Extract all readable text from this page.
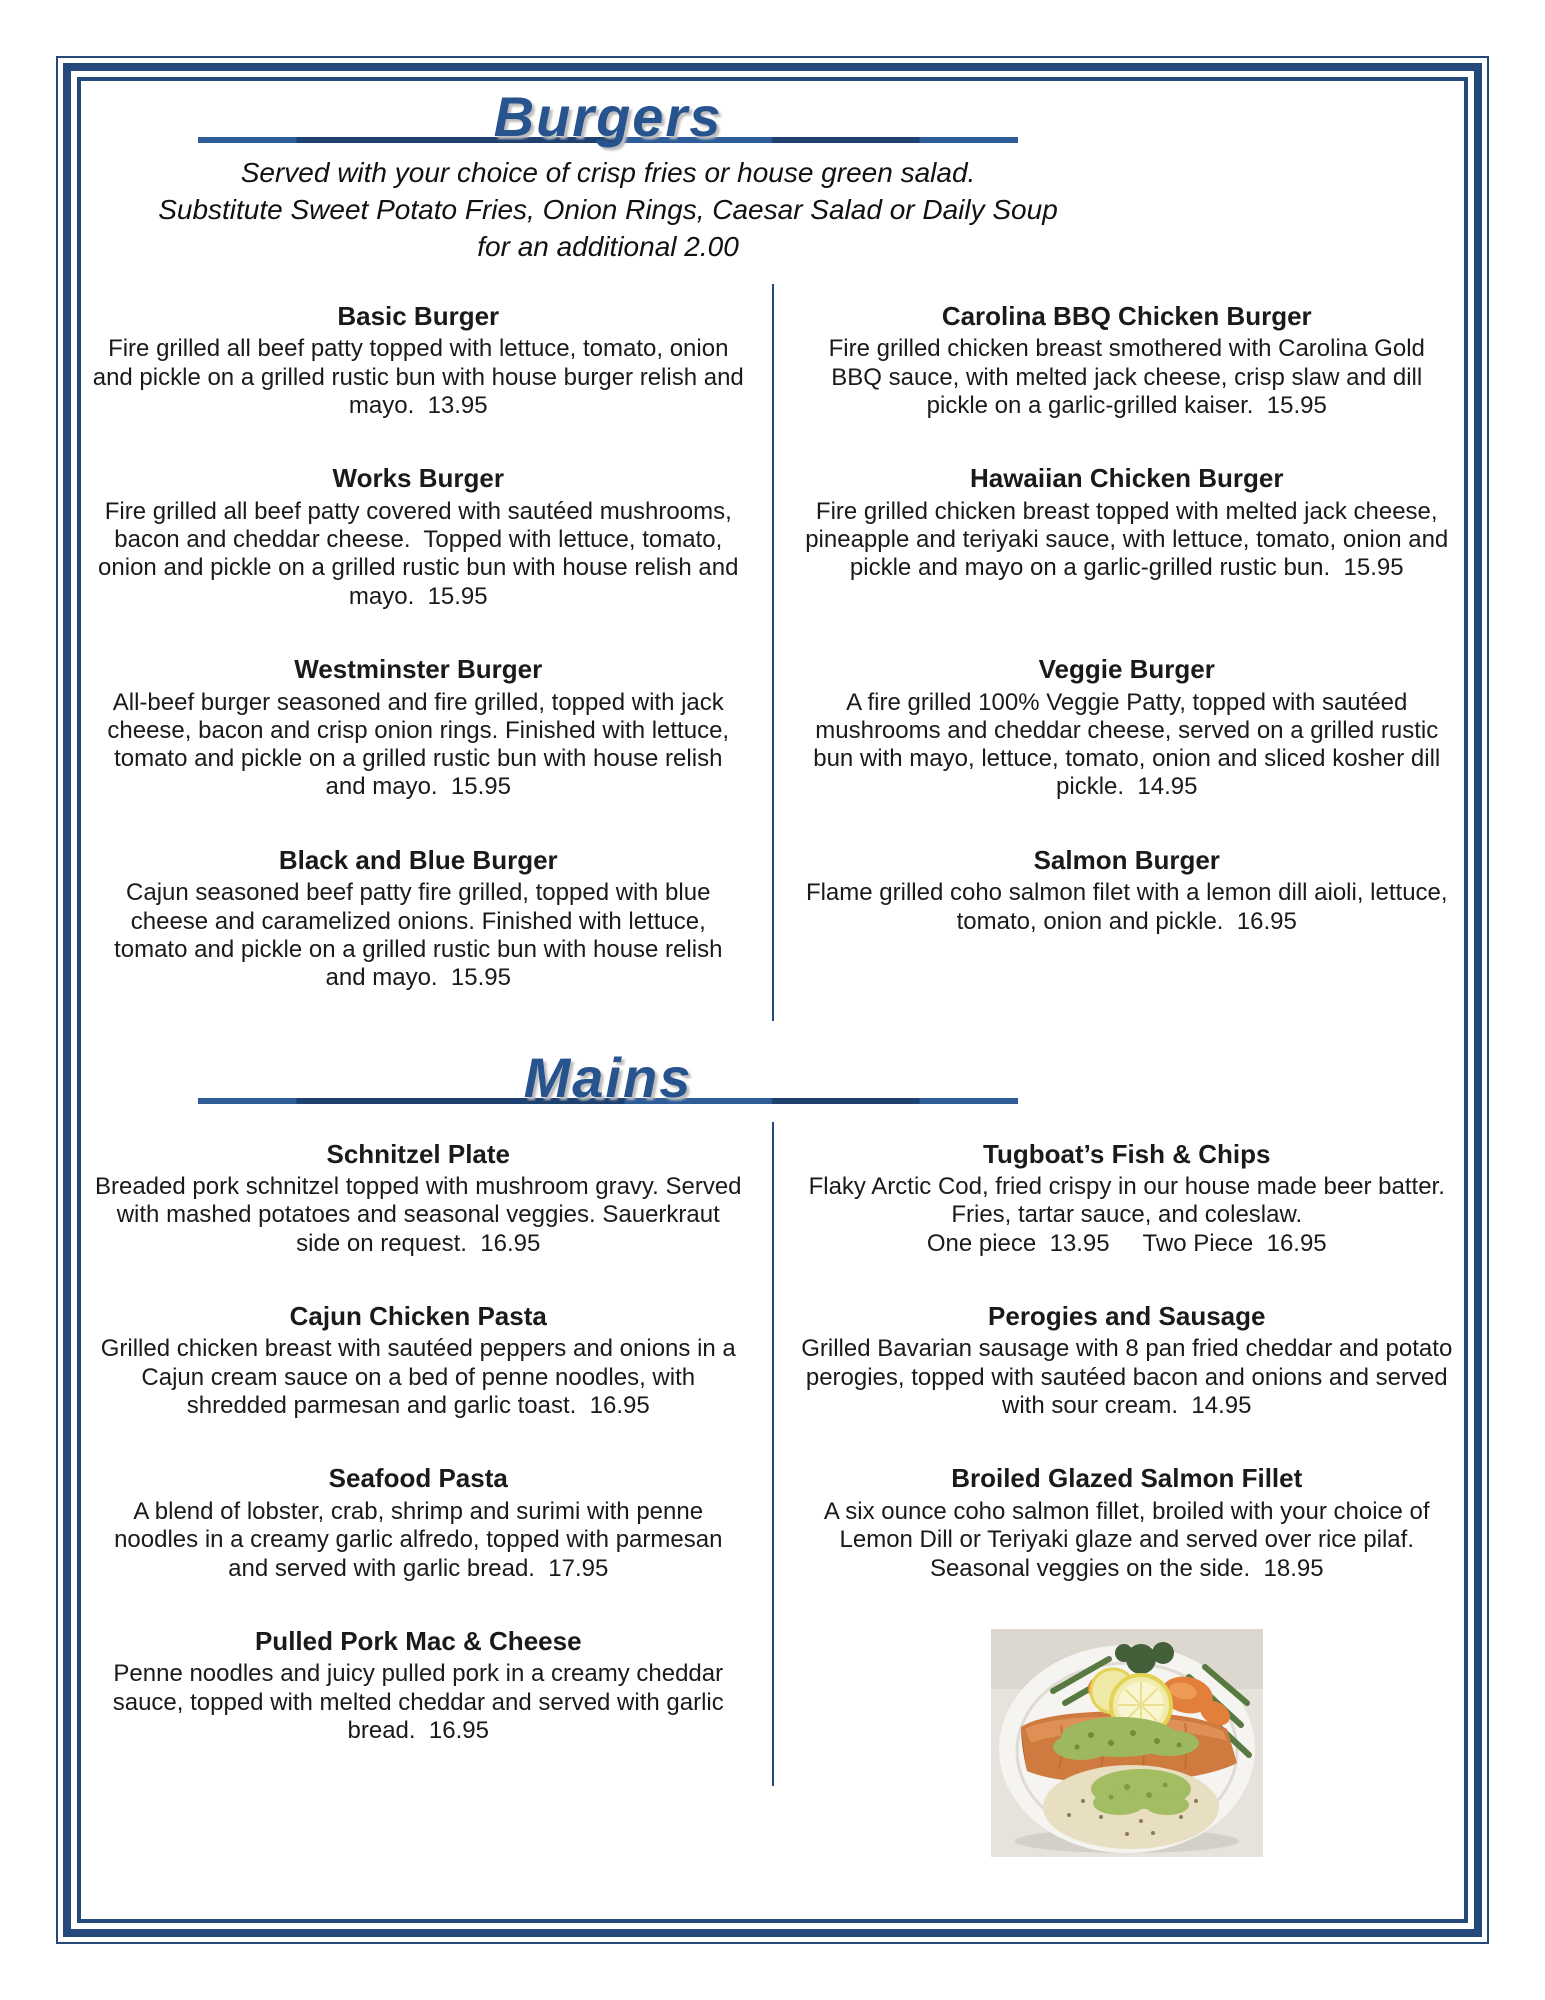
Burgers
Served with your choice of crisp fries or house green salad.
Substitute Sweet Potato Fries, Onion Rings, Caesar Salad or Daily Soup for an additional 2.00
Basic Burger
Fire grilled all beef patty topped with lettuce, tomato, onion and pickle on a grilled rustic bun with house burger relish and mayo.  13.95
Carolina BBQ Chicken Burger
Fire grilled chicken breast smothered with Carolina Gold BBQ sauce, with melted jack cheese, crisp slaw and dill pickle on a garlic-grilled kaiser.  15.95
Works Burger
Fire grilled all beef patty covered with sautéed mushrooms, bacon and cheddar cheese.  Topped with lettuce, tomato, onion and pickle on a grilled rustic bun with house relish and mayo.  15.95
Hawaiian Chicken Burger
Fire grilled chicken breast topped with melted jack cheese, pineapple and teriyaki sauce, with lettuce, tomato, onion and pickle and mayo on a garlic-grilled rustic bun.  15.95
Westminster Burger
All-beef burger seasoned and fire grilled, topped with jack cheese, bacon and crisp onion rings. Finished with lettuce, tomato and pickle on a grilled rustic bun with house relish and mayo.  15.95
Veggie Burger
A fire grilled 100% Veggie Patty, topped with sautéed mushrooms and cheddar cheese, served on a grilled rustic bun with mayo, lettuce, tomato, onion and sliced kosher dill pickle.  14.95
Black and Blue Burger
Cajun seasoned beef patty fire grilled, topped with blue cheese and caramelized onions. Finished with lettuce, tomato and pickle on a grilled rustic bun with house relish and mayo.  15.95
Salmon Burger
Flame grilled coho salmon filet with a lemon dill aioli, lettuce, tomato, onion and pickle.  16.95
Mains
Schnitzel Plate
Breaded pork schnitzel topped with mushroom gravy. Served with mashed potatoes and seasonal veggies. Sauerkraut side on request.  16.95
Tugboat’s Fish & Chips
Flaky Arctic Cod, fried crispy in our house made beer batter.  Fries, tartar sauce, and coleslaw.
One piece  13.95     Two Piece  16.95
Cajun Chicken Pasta
Grilled chicken breast with sautéed peppers and onions in a Cajun cream sauce on a bed of penne noodles, with shredded parmesan and garlic toast.  16.95
Perogies and Sausage
Grilled Bavarian sausage with 8 pan fried cheddar and potato perogies, topped with sautéed bacon and onions and served with sour cream.  14.95
Seafood Pasta
A blend of lobster, crab, shrimp and surimi with penne noodles in a creamy garlic alfredo, topped with parmesan and served with garlic bread.  17.95
Broiled Glazed Salmon Fillet
A six ounce coho salmon fillet, broiled with your choice of Lemon Dill or Teriyaki glaze and served over rice pilaf. Seasonal veggies on the side.  18.95
Pulled Pork Mac & Cheese
Penne noodles and juicy pulled pork in a creamy cheddar sauce, topped with melted cheddar and served with garlic bread.  16.95
